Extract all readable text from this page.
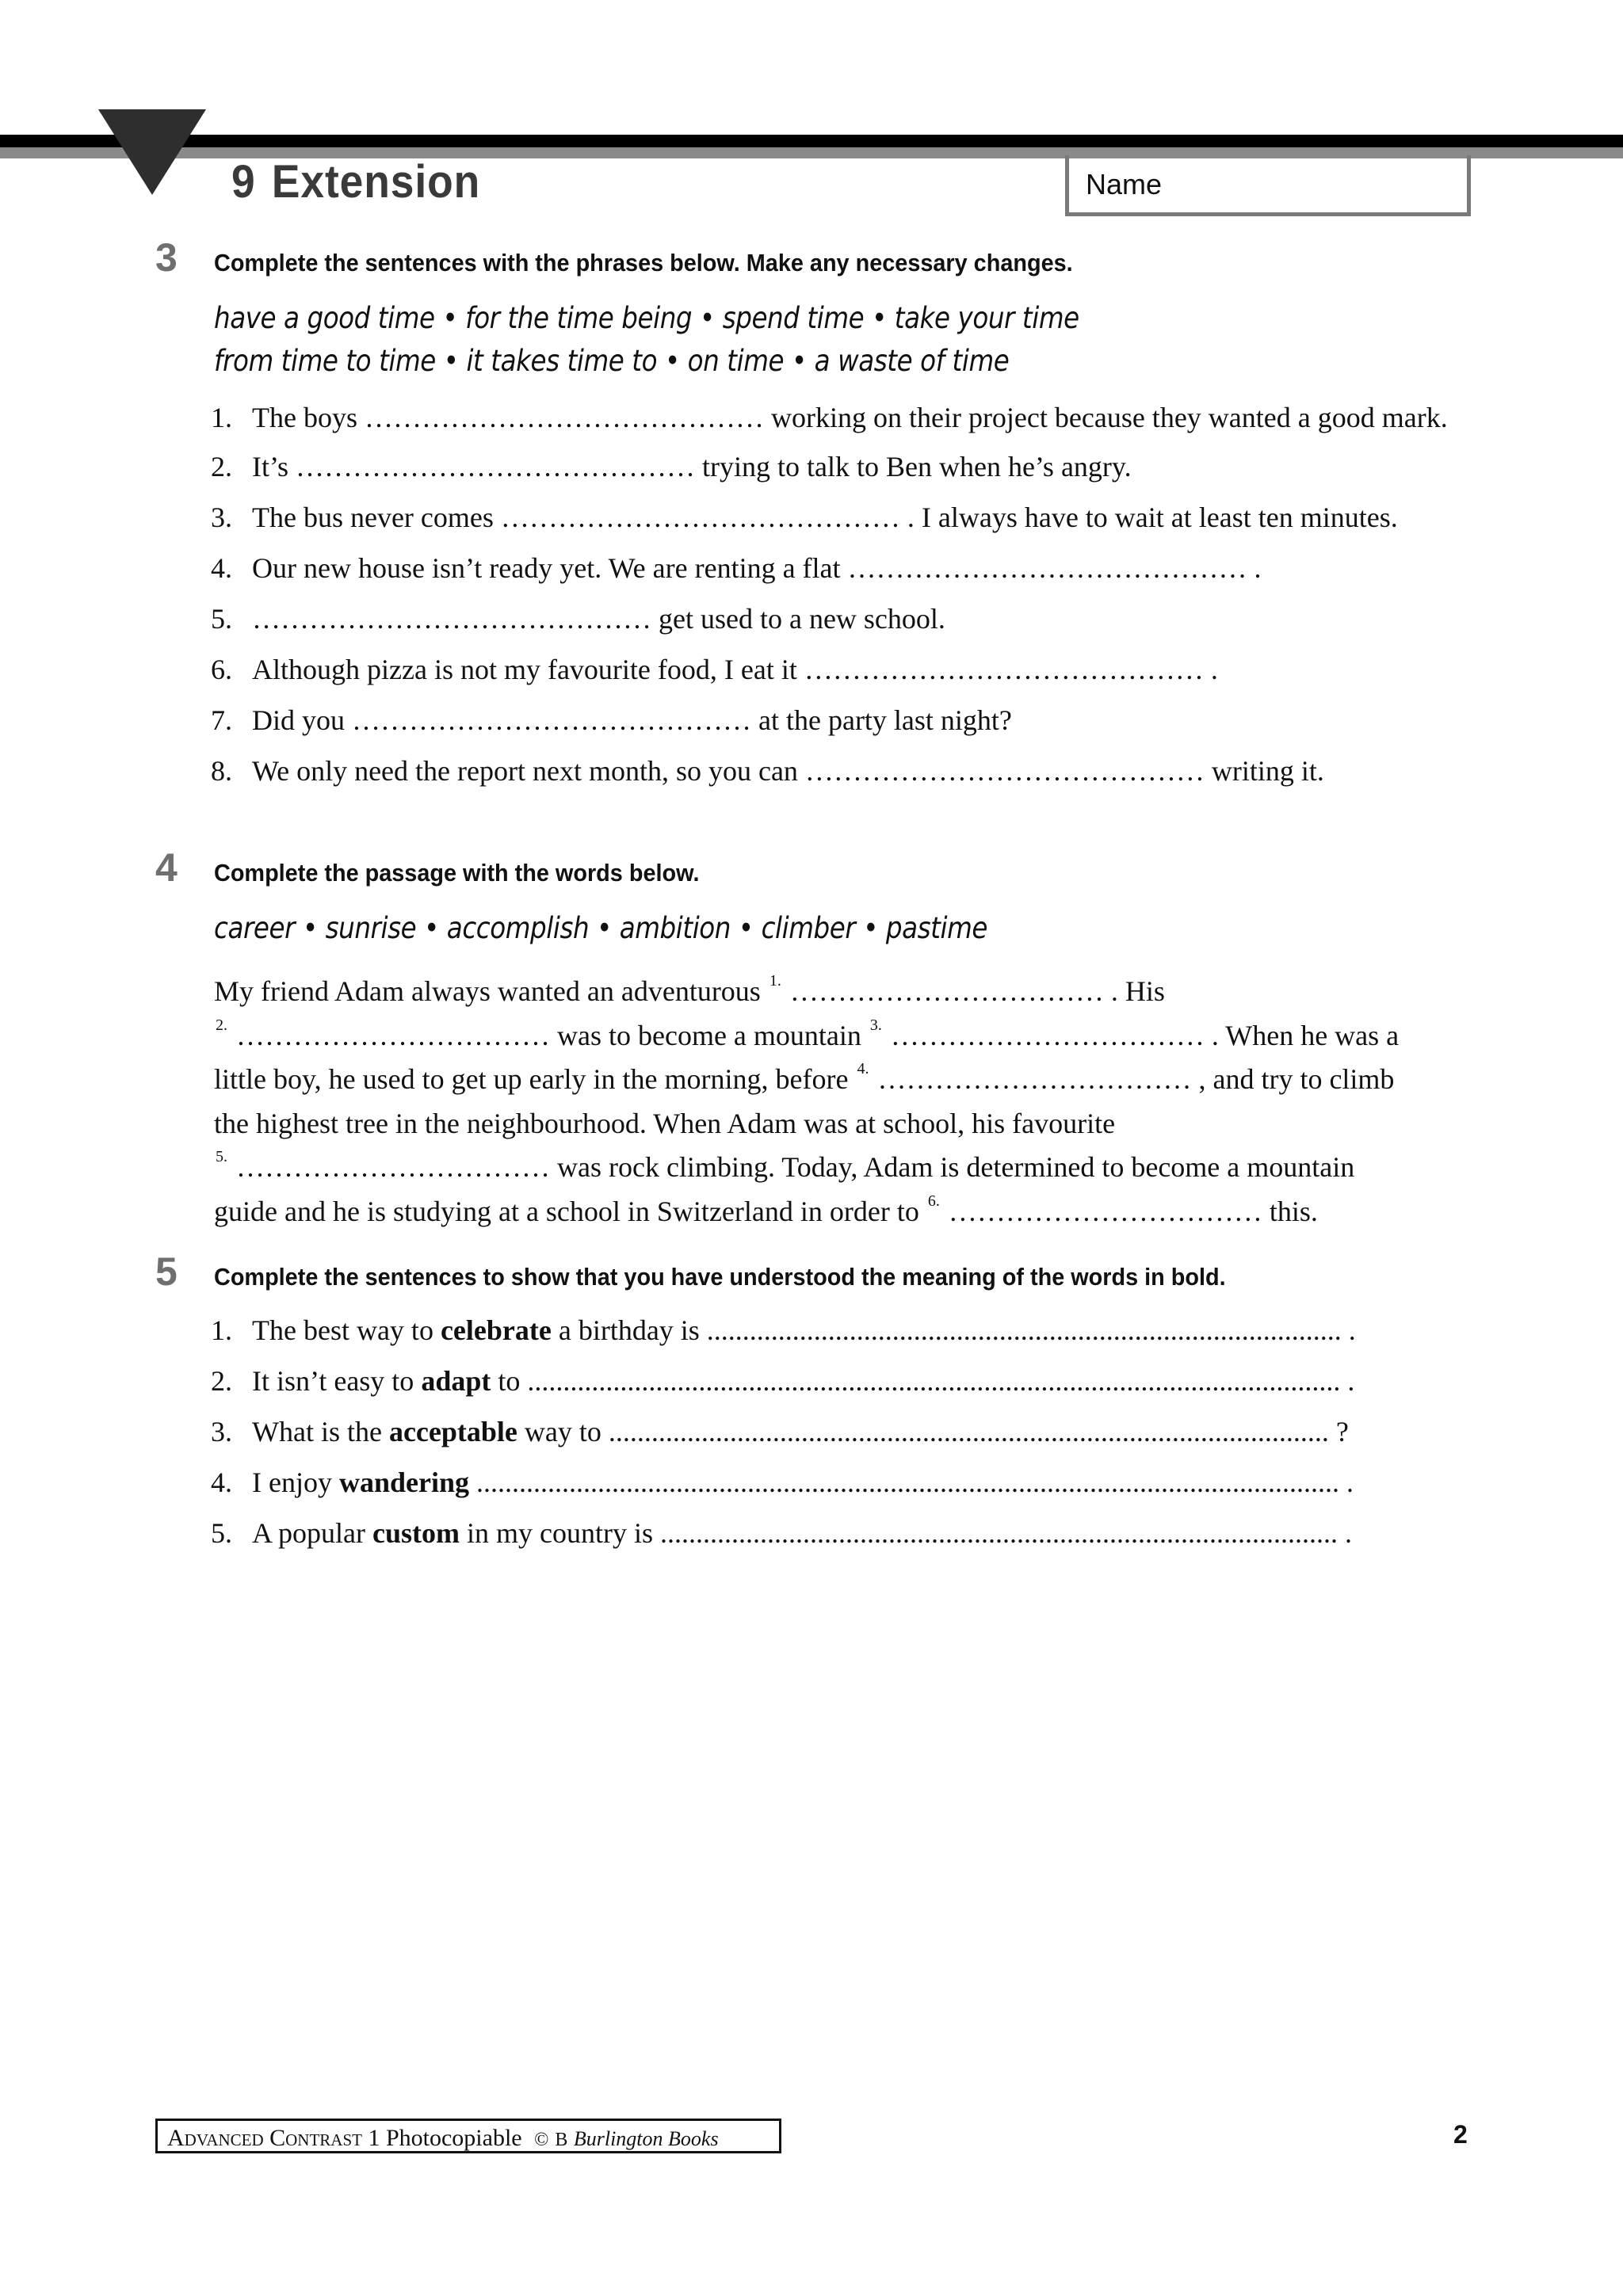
9 Extension	Name
3 Complete the sentences with the phrases below. Make any necessary changes.
have a good time • for the time being • spend time • take your time
from time to time • it takes time to • on time • a waste of time
1. The boys …………………………………… working on their project because they wanted a good mark.
2. It’s …………………………………… trying to talk to Ben when he’s angry.
3. The bus never comes …………………………………… . I always have to wait at least ten minutes.
4. Our new house isn’t ready yet. We are renting a flat …………………………………… .
5. …………………………………… get used to a new school.
6. Although pizza is not my favourite food, I eat it …………………………………… .
7. Did you …………………………………… at the party last night?
8. We only need the report next month, so you can …………………………………… writing it.
4 Complete the passage with the words below.
career • sunrise • accomplish • ambition • climber • pastime

My friend Adam always wanted an adventurous $^{1.}$ …………………………… . His

$^{2.}$ …………………………… was to become a mountain $^{3.}$ …………………………… . When he was a

little boy, he used to get up early in the morning, before $^{4.}$ …………………………… , and try to climb

the highest tree in the neighbourhood. When Adam was at school, his favourite

$^{5.}$ …………………………… was rock climbing. Today, Adam is determined to become a mountain

guide and he is studying at a school in Switzerland in order to $^{6.}$ …………………………… this.

5 Complete the sentences to show that you have understood the meaning of the words in bold.
1. The best way to celebrate a birthday is ......................................................................................... .
2. It isn’t easy to adapt to .................................................................................................................. .
3. What is the acceptable way to ..................................................................................................... ?
4. I enjoy wandering ......................................................................................................................... .
5. A popular custom in my country is ............................................................................................... .
Advanced Contrast 1 Photocopiable © B Burlington Books	2
